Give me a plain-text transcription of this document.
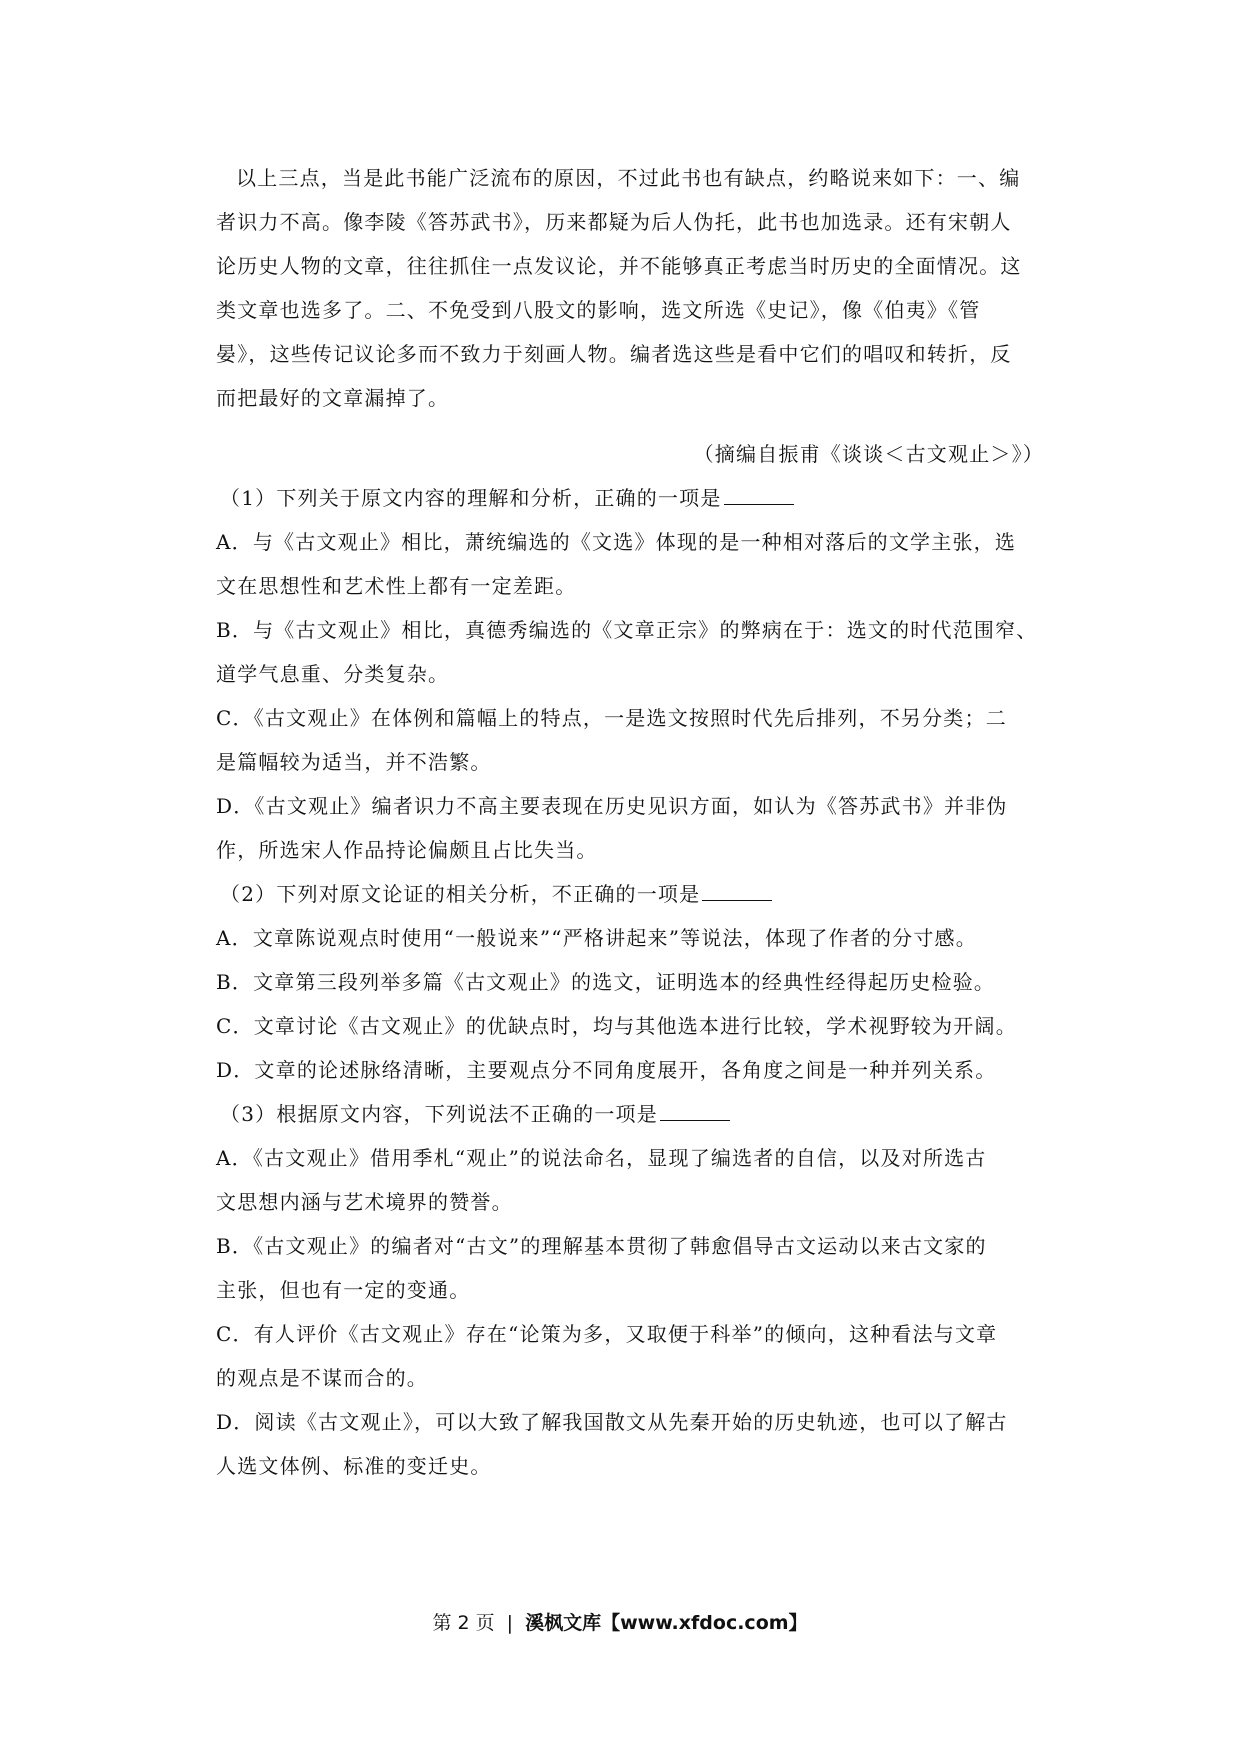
以上三点，当是此书能广泛流布的原因，不过此书也有缺点，约略说来如下：一、编
者识力不高。像李陵《答苏武书》，历来都疑为后人伪托，此书也加选录。还有宋朝人
论历史人物的文章，往往抓住一点发议论，并不能够真正考虑当时历史的全面情况。这
类文章也选多了。二、不免受到八股文的影响，选文所选《史记》，像《伯夷》《管
晏》，这些传记议论多而不致力于刻画人物。编者选这些是看中它们的唱叹和转折，反
而把最好的文章漏掉了。
（摘编自振甫《谈谈＜古文观止＞》）
（1）下列关于原文内容的理解和分析，正确的一项是
A．与《古文观止》相比，萧统编选的《文选》体现的是一种相对落后的文学主张，选
文在思想性和艺术性上都有一定差距。
B．与《古文观止》相比，真德秀编选的《文章正宗》的弊病在于：选文的时代范围窄、
道学气息重、分类复杂。
C．《古文观止》在体例和篇幅上的特点，一是选文按照时代先后排列，不另分类；二
是篇幅较为适当，并不浩繁。
D．《古文观止》编者识力不高主要表现在历史见识方面，如认为《答苏武书》并非伪
作，所选宋人作品持论偏颇且占比失当。
（2）下列对原文论证的相关分析，不正确的一项是
A．文章陈说观点时使用“一般说来”“严格讲起来”等说法，体现了作者的分寸感。
B．文章第三段列举多篇《古文观止》的选文，证明选本的经典性经得起历史检验。
C．文章讨论《古文观止》的优缺点时，均与其他选本进行比较，学术视野较为开阔。
D．文章的论述脉络清晰，主要观点分不同角度展开，各角度之间是一种并列关系。
（3）根据原文内容，下列说法不正确的一项是
A．《古文观止》借用季札“观止”的说法命名，显现了编选者的自信，以及对所选古
文思想内涵与艺术境界的赞誉。
B．《古文观止》的编者对“古文”的理解基本贯彻了韩愈倡导古文运动以来古文家的
主张，但也有一定的变通。
C．有人评价《古文观止》存在“论策为多，又取便于科举”的倾向，这种看法与文章
的观点是不谋而合的。
D．阅读《古文观止》，可以大致了解我国散文从先秦开始的历史轨迹，也可以了解古
人选文体例、标准的变迁史。
第 2 页 | 溪枫文库【www.xfdoc.com】
